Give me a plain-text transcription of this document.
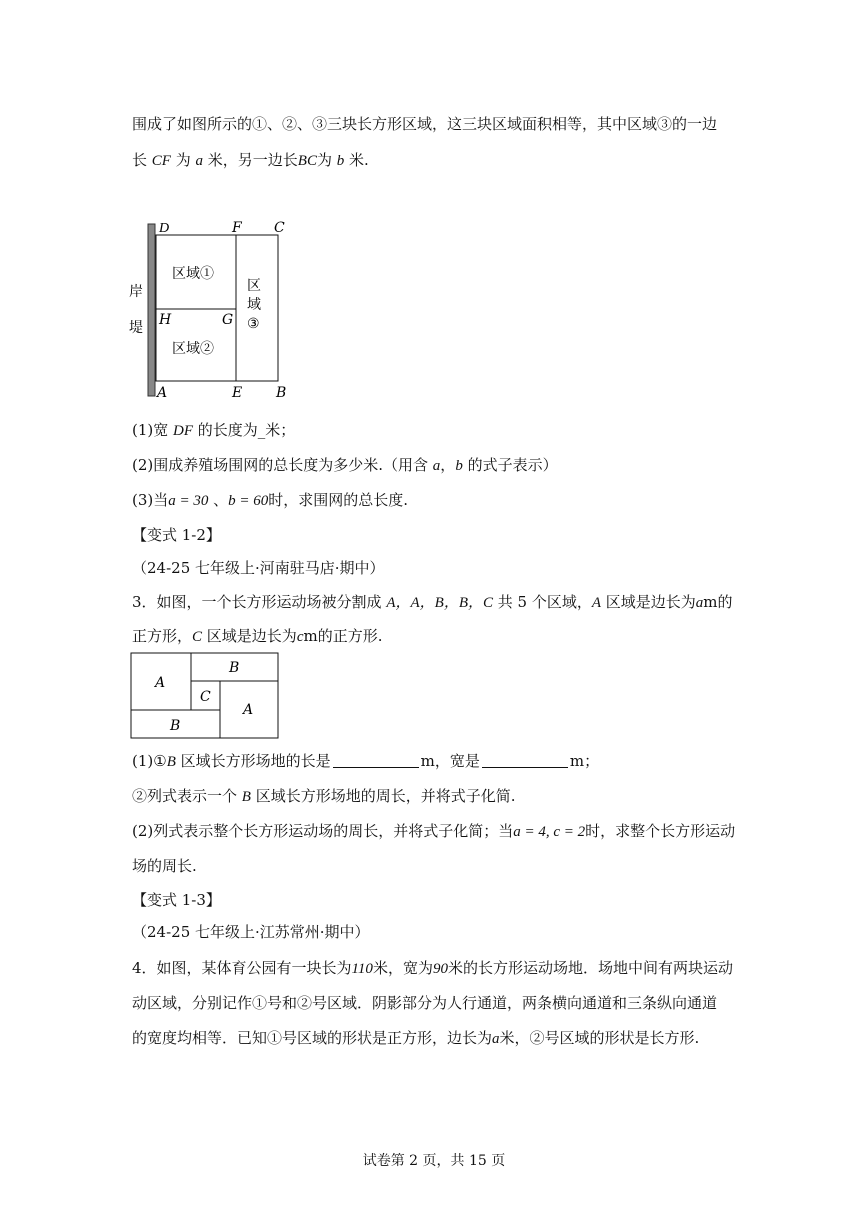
围成了如图所示的①、②、③三块长方形区域，这三块区域面积相等，其中区域③的一边
长 CF 为 a 米，另一边长BC为 b 米.
岸
堤
D	F C
H	G
A	E B
区域①
区域②
区
域
③
(1)宽 DF 的长度为_米；
(2)围成养殖场围网的总长度为多少米.（用含 a，b 的式子表示）
(3)当a = 30 、b = 60时，求围网的总长度.
【变式 1-2】
（24-25 七年级上·河南驻马店·期中）
3．如图，一个长方形运动场被分割成 A，A，B，B，C 共 5 个区域，A 区域是边长为am的
正方形，C 区域是边长为cm的正方形.
A
B
C
A
B
(1)①B 区域长方形场地的长是	m，宽是	m；
②列式表示一个 B 区域长方形场地的周长，并将式子化简.
(2)列式表示整个长方形运动场的周长，并将式子化简；当a = 4, c = 2时，求整个长方形运动
场的周长.
【变式 1-3】
（24-25 七年级上·江苏常州·期中）
4．如图，某体育公园有一块长为110米，宽为90米的长方形运动场地．场地中间有两块运动
动区域，分别记作①号和②号区域．阴影部分为人行通道，两条横向通道和三条纵向通道
的宽度均相等．已知①号区域的形状是正方形，边长为a米，②号区域的形状是长方形.
试卷第 2 页，共 15 页
